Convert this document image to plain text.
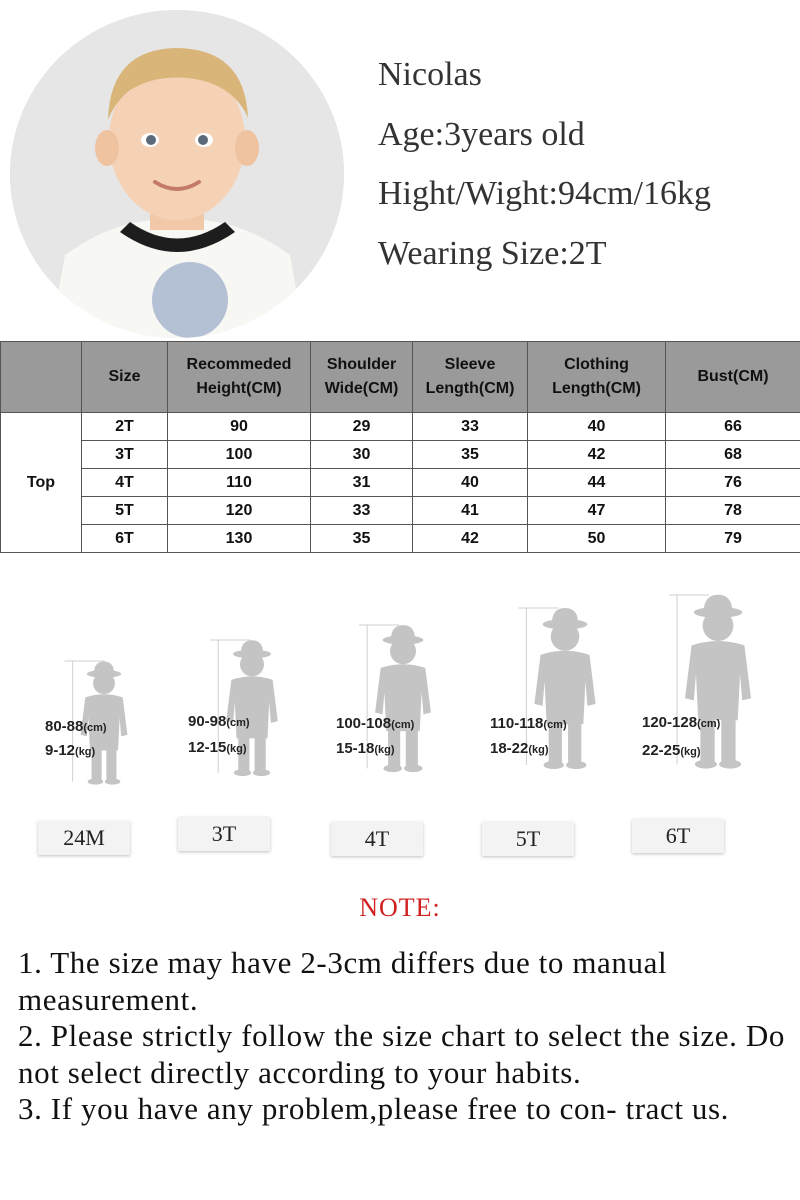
Nicolas
Age:3years old
Hight/Wight:94cm/16kg
Wearing Size:2T
	Size	Recommeded Height(CM)	Shoulder Wide(CM)	Sleeve Length(CM)	Clothing Length(CM)	Bust(CM)
Top	2T	90	29	33	40	66
	3T	100	30	35	42	68
	4T	110	31	40	44	76
	5T	120	33	41	47	78
	6T	130	35	42	50	79
80-88(cm)
9-12(kg)
24M
90-98(cm)
12-15(kg)
3T
100-108(cm)
15-18(kg)
4T
110-118(cm)
18-22(kg)
5T
120-128(cm)
22-25(kg)
6T
NOTE:

1. The size may have 2-3cm differs due to manual measurement.

2. Please strictly follow the size chart to select the size. Do not select directly according to your habits.

3. If you have any problem,please free to con- tract us.
